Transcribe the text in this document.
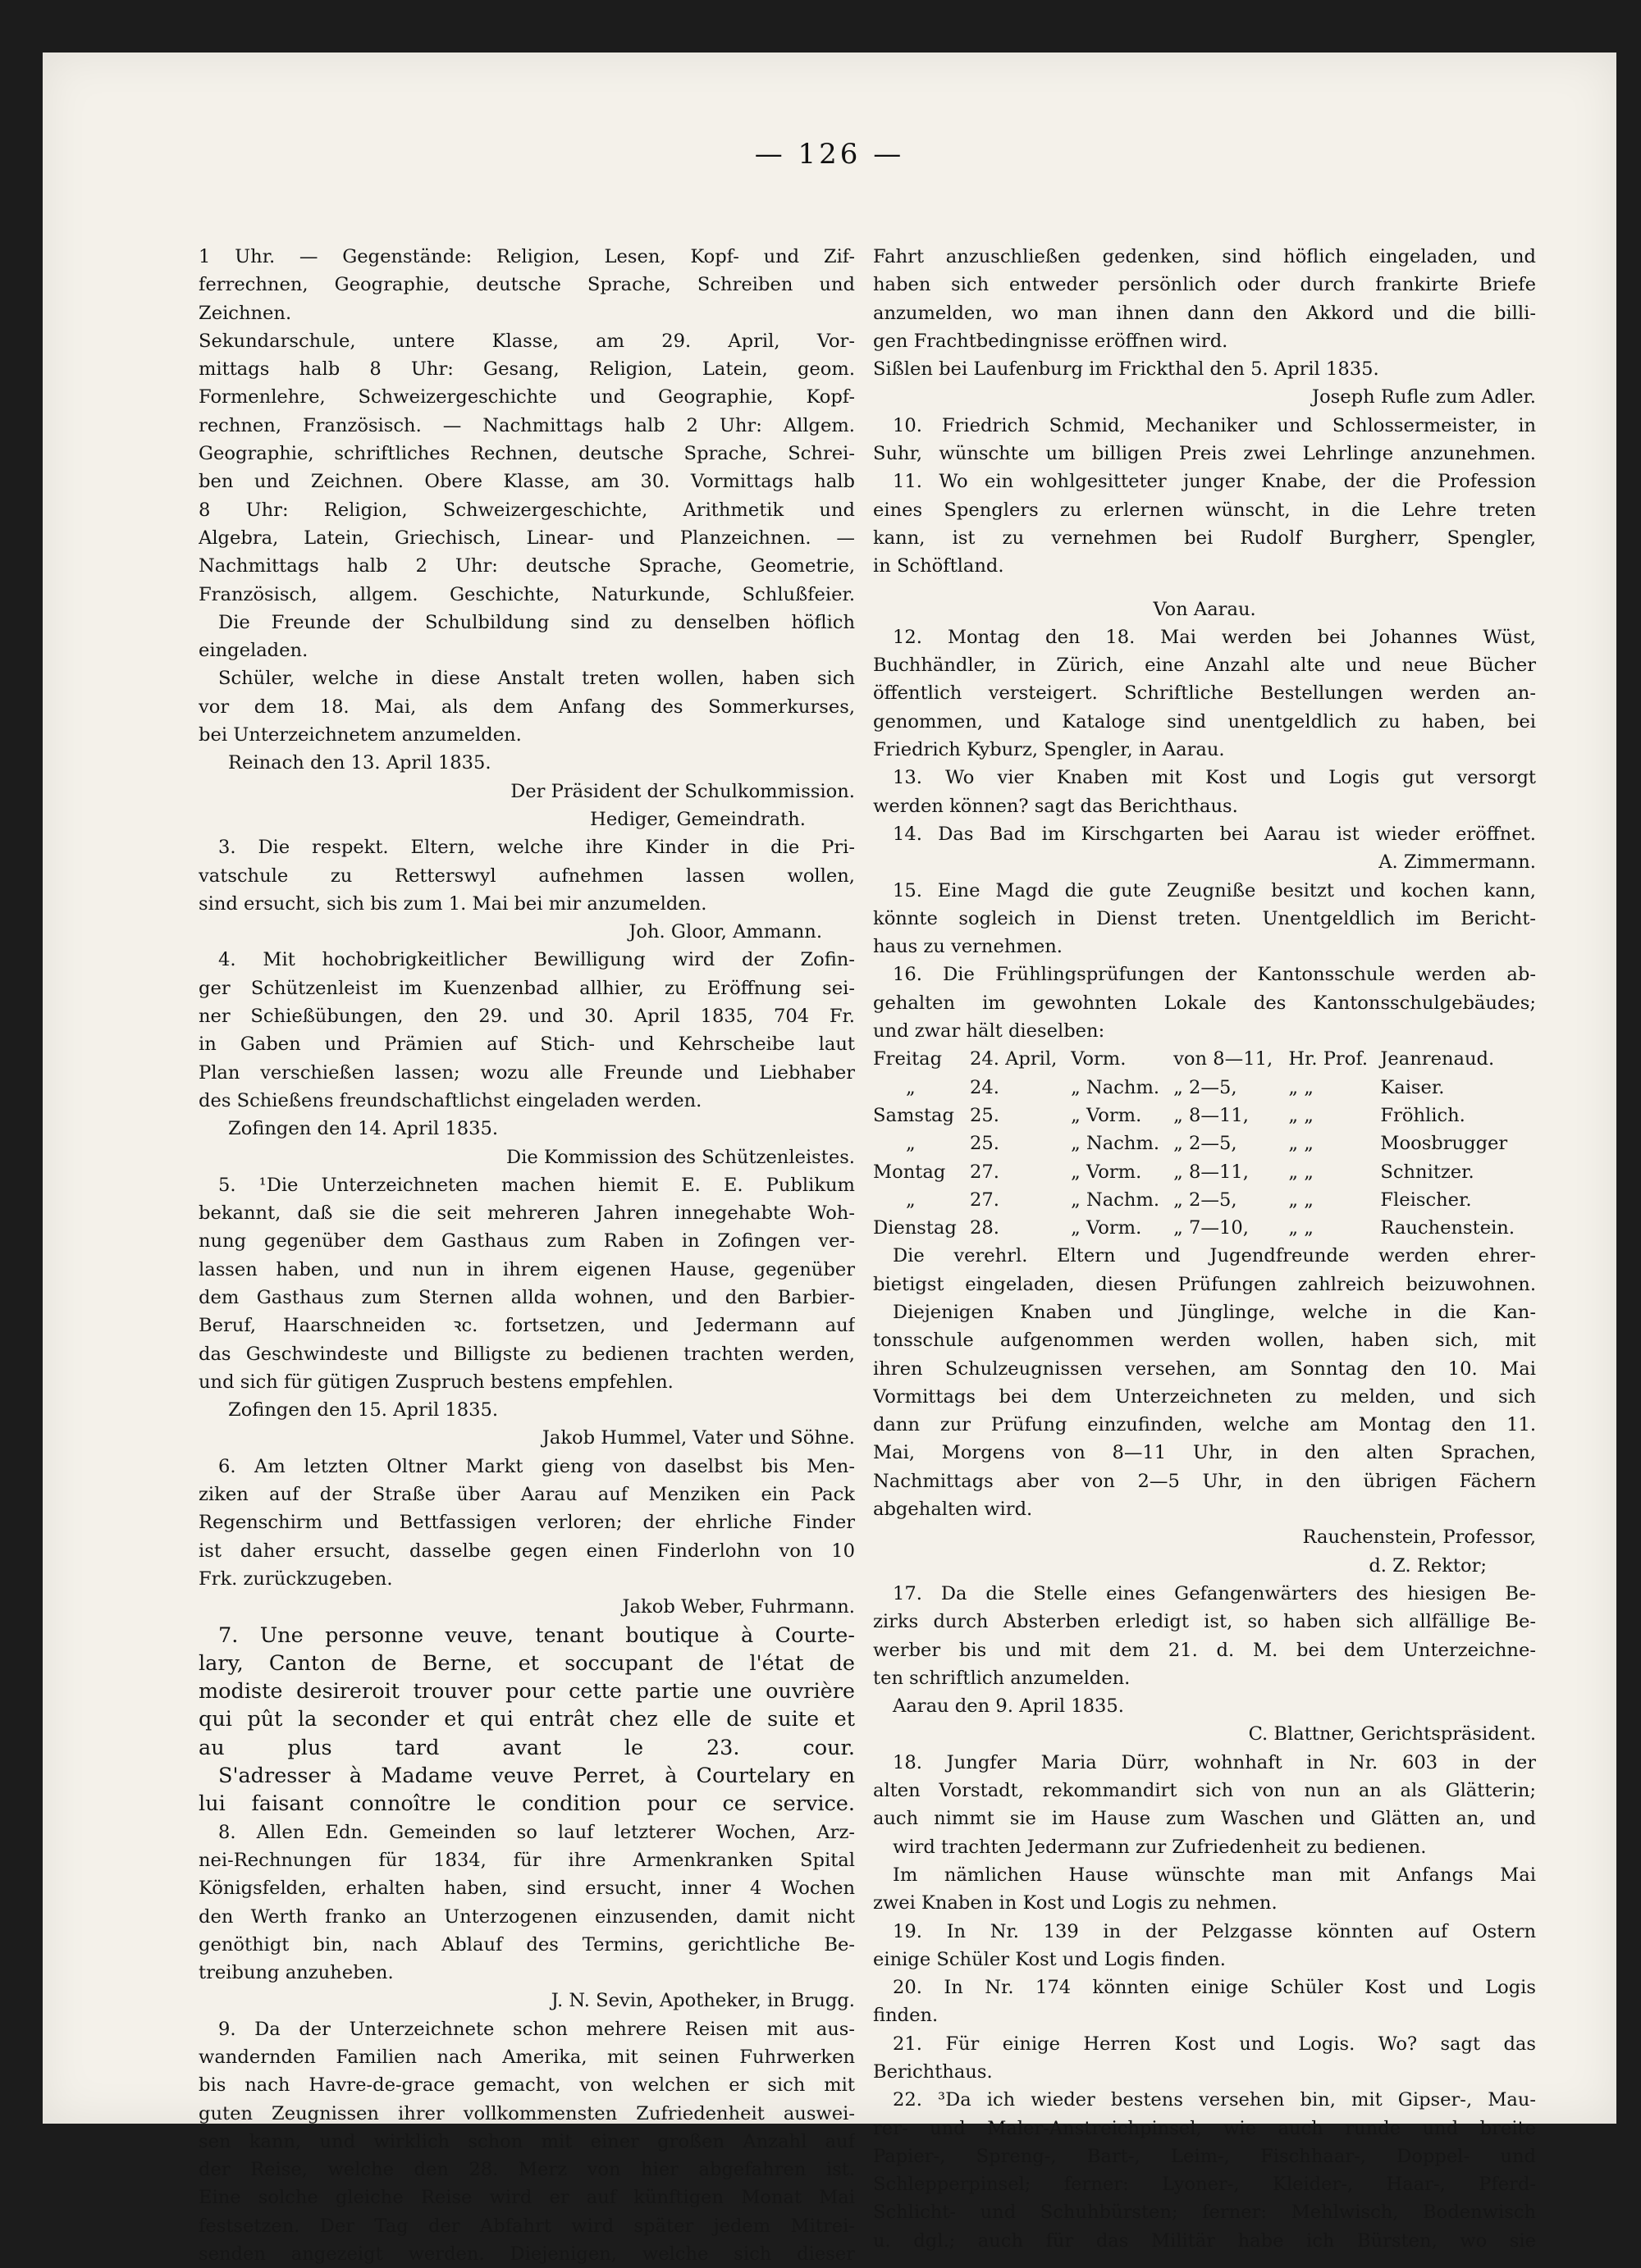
— 126 —

1 Uhr. — Gegenstände: Religion, Lesen, Kopf- und Zif-

ferrechnen, Geographie, deutsche Sprache, Schreiben und

Zeichnen.

Sekundarschule, untere Klasse, am 29. April, Vor-

mittags halb 8 Uhr: Gesang, Religion, Latein, geom.

Formenlehre, Schweizergeschichte und Geographie, Kopf-

rechnen, Französisch. — Nachmittags halb 2 Uhr: Allgem.

Geographie, schriftliches Rechnen, deutsche Sprache, Schrei-

ben und Zeichnen. Obere Klasse, am 30. Vormittags halb

8 Uhr: Religion, Schweizergeschichte, Arithmetik und

Algebra, Latein, Griechisch, Linear- und Planzeichnen. —

Nachmittags halb 2 Uhr: deutsche Sprache, Geometrie,

Französisch, allgem. Geschichte, Naturkunde, Schlußfeier.

Die Freunde der Schulbildung sind zu denselben höflich

eingeladen.

Schüler, welche in diese Anstalt treten wollen, haben sich

vor dem 18. Mai, als dem Anfang des Sommerkurses,

bei Unterzeichnetem anzumelden.

Reinach den 13. April 1835.

Der Präsident der Schulkommission.

Hediger, Gemeindrath.

3. Die respekt. Eltern, welche ihre Kinder in die Pri-

vatschule zu Retterswyl aufnehmen lassen wollen,

sind ersucht, sich bis zum 1. Mai bei mir anzumelden.

Joh. Gloor, Ammann.

4. Mit hochobrigkeitlicher Bewilligung wird der Zofin-

ger Schützenleist im Kuenzenbad allhier, zu Eröffnung sei-

ner Schießübungen, den 29. und 30. April 1835, 704 Fr.

in Gaben und Prämien auf Stich- und Kehrscheibe laut

Plan verschießen lassen; wozu alle Freunde und Liebhaber

des Schießens freundschaftlichst eingeladen werden.

Zofingen den 14. April 1835.

Die Kommission des Schützenleistes.

5. ¹Die Unterzeichneten machen hiemit E. E. Publikum

bekannt, daß sie die seit mehreren Jahren innegehabte Woh-

nung gegenüber dem Gasthaus zum Raben in Zofingen ver-

lassen haben, und nun in ihrem eigenen Hause, gegenüber

dem Gasthaus zum Sternen allda wohnen, und den Barbier-

Beruf, Haarschneiden ꝛc. fortsetzen, und Jedermann auf

das Geschwindeste und Billigste zu bedienen trachten werden,

und sich für gütigen Zuspruch bestens empfehlen.

Zofingen den 15. April 1835.

Jakob Hummel, Vater und Söhne.

6. Am letzten Oltner Markt gieng von daselbst bis Men-

ziken auf der Straße über Aarau auf Menziken ein Pack

Regenschirm und Bettfassigen verloren; der ehrliche Finder

ist daher ersucht, dasselbe gegen einen Finderlohn von 10

Frk. zurückzugeben.

Jakob Weber, Fuhrmann.

7. Une personne veuve, tenant boutique à Courte-

lary, Canton de Berne, et soccupant de l'état de

modiste desireroit trouver pour cette partie une ouvrière

qui pût la seconder et qui entrât chez elle de suite et

au plus tard avant le 23. cour.

S'adresser à Madame veuve Perret, à Courtelary en

lui faisant connoître le condition pour ce service.

8. Allen Edn. Gemeinden so lauf letzterer Wochen, Arz-

nei-Rechnungen für 1834, für ihre Armenkranken Spital

Königsfelden, erhalten haben, sind ersucht, inner 4 Wochen

den Werth franko an Unterzogenen einzusenden, damit nicht

genöthigt bin, nach Ablauf des Termins, gerichtliche Be-

treibung anzuheben.

J. N. Sevin, Apotheker, in Brugg.

9. Da der Unterzeichnete schon mehrere Reisen mit aus-

wandernden Familien nach Amerika, mit seinen Fuhrwerken

bis nach Havre-de-grace gemacht, von welchen er sich mit

guten Zeugnissen ihrer vollkommensten Zufriedenheit auswei-

sen kann, und wirklich schon mit einer großen Anzahl auf

der Reise, welche den 28. Merz von hier abgefahren ist.

Eine solche gleiche Reise wird er auf künftigen Monat Mai

festsetzen. Der Tag der Abfahrt wird später jedem Mitrei-

senden angezeigt werden. Diejenigen, welche sich dieser

Fahrt anzuschließen gedenken, sind höflich eingeladen, und

haben sich entweder persönlich oder durch frankirte Briefe

anzumelden, wo man ihnen dann den Akkord und die billi-

gen Frachtbedingnisse eröffnen wird.

Sißlen bei Laufenburg im Frickthal den 5. April 1835.

Joseph Rufle zum Adler.

10. Friedrich Schmid, Mechaniker und Schlossermeister, in

Suhr, wünschte um billigen Preis zwei Lehrlinge anzunehmen.

11. Wo ein wohlgesitteter junger Knabe, der die Profession

eines Spenglers zu erlernen wünscht, in die Lehre treten

kann, ist zu vernehmen bei Rudolf Burgherr, Spengler,

in Schöftland.

Von Aarau.

12. Montag den 18. Mai werden bei Johannes Wüst,

Buchhändler, in Zürich, eine Anzahl alte und neue Bücher

öffentlich versteigert. Schriftliche Bestellungen werden an-

genommen, und Kataloge sind unentgeldlich zu haben, bei

Friedrich Kyburz, Spengler, in Aarau.

13. Wo vier Knaben mit Kost und Logis gut versorgt

werden können? sagt das Berichthaus.

14. Das Bad im Kirschgarten bei Aarau ist wieder eröffnet.

A. Zimmermann.

15. Eine Magd die gute Zeugniße besitzt und kochen kann,

könnte sogleich in Dienst treten. Unentgeldlich im Bericht-

haus zu vernehmen.

16. Die Frühlingsprüfungen der Kantonsschule werden ab-

gehalten im gewohnten Lokale des Kantonsschulgebäudes;

und zwar hält dieselben:

Freitag	24. April,	Vorm.	von 8—11,	Hr. Prof.	Jeanrenaud.
„	24.	„ Nachm.	„ 2—5,	„ „	Kaiser.
Samstag	25.	„ Vorm.	„ 8—11,	„ „	Fröhlich.
„	25.	„ Nachm.	„ 2—5,	„ „	Moosbrugger
Montag	27.	„ Vorm.	„ 8—11,	„ „	Schnitzer.
„	27.	„ Nachm.	„ 2—5,	„ „	Fleischer.
Dienstag	28.	„ Vorm.	„ 7—10,	„ „	Rauchenstein.

Die verehrl. Eltern und Jugendfreunde werden ehrer-

bietigst eingeladen, diesen Prüfungen zahlreich beizuwohnen.

Diejenigen Knaben und Jünglinge, welche in die Kan-

tonsschule aufgenommen werden wollen, haben sich, mit

ihren Schulzeugnissen versehen, am Sonntag den 10. Mai

Vormittags bei dem Unterzeichneten zu melden, und sich

dann zur Prüfung einzufinden, welche am Montag den 11.

Mai, Morgens von 8—11 Uhr, in den alten Sprachen,

Nachmittags aber von 2—5 Uhr, in den übrigen Fächern

abgehalten wird.

Rauchenstein, Professor,

d. Z. Rektor;

17. Da die Stelle eines Gefangenwärters des hiesigen Be-

zirks durch Absterben erledigt ist, so haben sich allfällige Be-

werber bis und mit dem 21. d. M. bei dem Unterzeichne-

ten schriftlich anzumelden.

Aarau den 9. April 1835.

C. Blattner, Gerichtspräsident.

18. Jungfer Maria Dürr, wohnhaft in Nr. 603 in der

alten Vorstadt, rekommandirt sich von nun an als Glätterin;

auch nimmt sie im Hause zum Waschen und Glätten an, und

wird trachten Jedermann zur Zufriedenheit zu bedienen.

Im nämlichen Hause wünschte man mit Anfangs Mai

zwei Knaben in Kost und Logis zu nehmen.

19. In Nr. 139 in der Pelzgasse könnten auf Ostern

einige Schüler Kost und Logis finden.

20. In Nr. 174 könnten einige Schüler Kost und Logis

finden.

21. Für einige Herren Kost und Logis. Wo? sagt das

Berichthaus.

22. ³Da ich wieder bestens versehen bin, mit Gipser-, Mau-

rer- und Maler-Anstreichpinsel, wie auch runde und breite

Papier-, Spreng-, Bart-, Leim-, Fischhaar-, Doppel- und

Schlepperpinsel; ferner: Lyoner-, Kleider-, Haar-, Pferd-

Schlicht- und Schuhbürsten; ferner: Mehlwisch, Bodenwisch

u. dgl.; auch für das Militär habe ich Bürsten, wo sie
